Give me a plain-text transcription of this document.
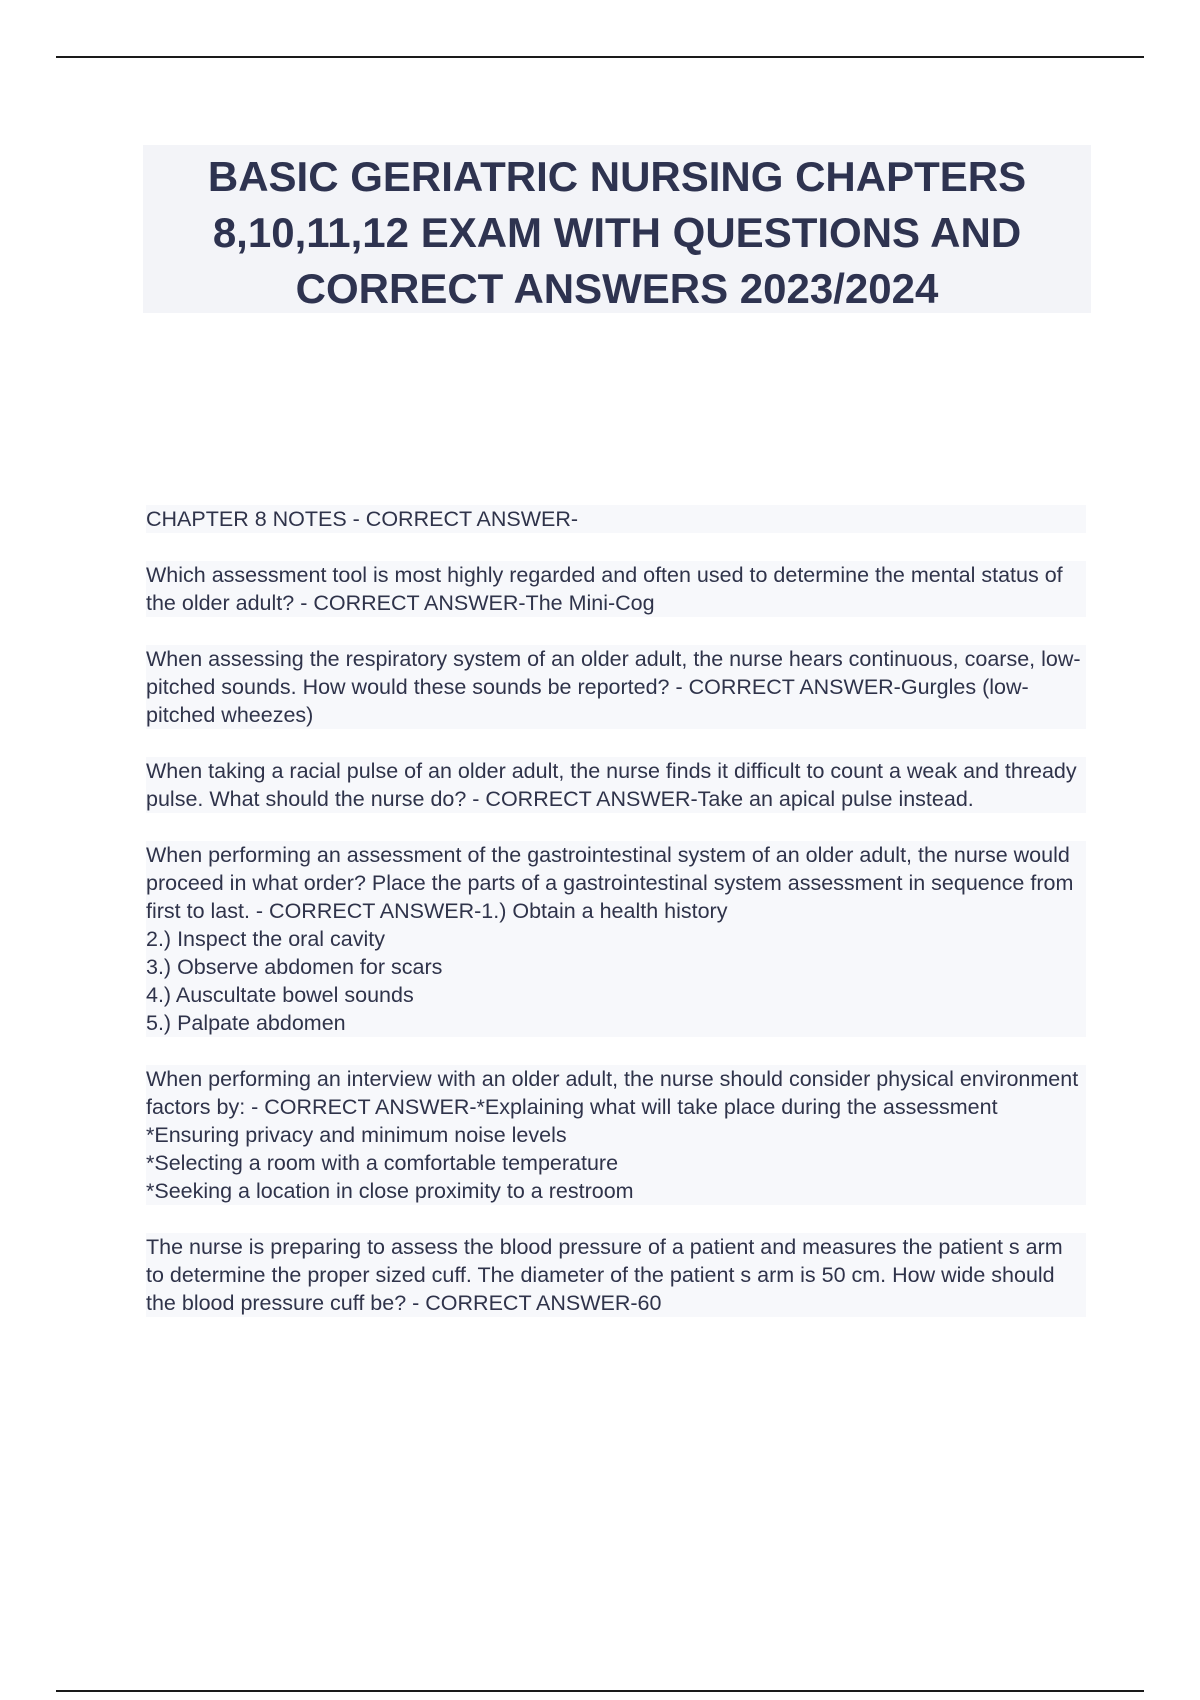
BASIC GERIATRIC NURSING CHAPTERS 8,10,11,12 EXAM WITH QUESTIONS AND CORRECT ANSWERS 2023/2024
CHAPTER 8 NOTES - CORRECT ANSWER-
Which assessment tool is most highly regarded and often used to determine the mental status of the older adult? - CORRECT ANSWER-The Mini-Cog
When assessing the respiratory system of an older adult, the nurse hears continuous, coarse, low-pitched sounds. How would these sounds be reported? - CORRECT ANSWER-Gurgles (low-pitched wheezes)
When taking a racial pulse of an older adult, the nurse finds it difficult to count a weak and thready pulse. What should the nurse do? - CORRECT ANSWER-Take an apical pulse instead.
When performing an assessment of the gastrointestinal system of an older adult, the nurse would proceed in what order? Place the parts of a gastrointestinal system assessment in sequence from first to last. - CORRECT ANSWER-1.) Obtain a health history
2.) Inspect the oral cavity
3.) Observe abdomen for scars
4.) Auscultate bowel sounds
5.) Palpate abdomen
When performing an interview with an older adult, the nurse should consider physical environment factors by: - CORRECT ANSWER-*Explaining what will take place during the assessment
*Ensuring privacy and minimum noise levels
*Selecting a room with a comfortable temperature
*Seeking a location in close proximity to a restroom
The nurse is preparing to assess the blood pressure of a patient and measures the patient s arm to determine the proper sized cuff. The diameter of the patient s arm is 50 cm. How wide should the blood pressure cuff be? - CORRECT ANSWER-60
